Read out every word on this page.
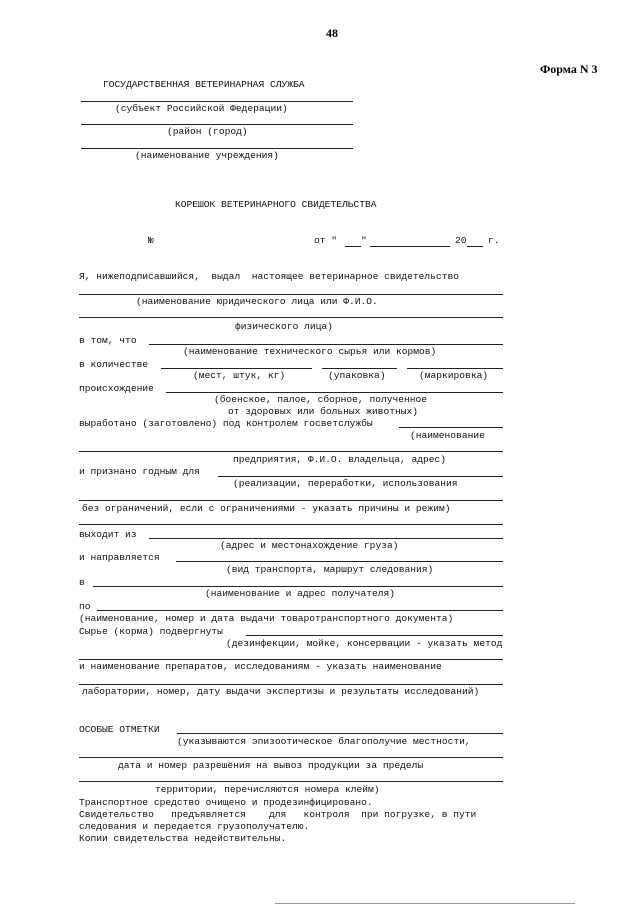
48
Форма N 3
ГОСУДАРСТВЕННАЯ ВЕТЕРИНАРНАЯ СЛУЖБА
(субъект Российской Федерации)
(район (город)
(наименование учреждения)
КОРЕШОК ВЕТЕРИНАРНОГО СВИДЕТЕЛЬСТВА
№	от " "	20 г.
Я, нижеподписавшийся,  выдал  настоящее ветеринарное свидетельство
(наименование юридического лица или Ф.И.О.
физического лица)
в том, что
(наименование технического сырья или кормов)
в количестве
(мест, штук, кг)	(упаковка)	(маркировка)
происхождение
(боенское, палое, сборное, полученное
от здоровых или больных животных)
выработано (заготовлено) под контролем госветслужбы
(наименование
предприятия, Ф.И.О. владельца, адрес)
и признано годным для
(реализации, переработки, использования
без ограничений, если с ограничениями - указать причины и режим)
выходит из
(адрес и местонахождение груза)
и направляется
(вид транспорта, маршрут следования)
в
(наименование и адрес получателя)
по
(наименование, номер и дата выдачи товаротранспортного документа)
Сырье (корма) подвергнуты
(дезинфекции, мойке, консервации - указать метод
и наименование препаратов, исследованиям - указать наименование
лаборатории, номер, дату выдачи экспертизы и результаты исследований)
ОСОБЫЕ ОТМЕТКИ
(указываются эпизоотическое благополучие местности,
дата и номер разрешения на вывоз продукции за пределы
территории, перечисляются номера клейм)
Транспортное средство очищено и продезинфицировано.
Свидетельство   предъявляется    для   контроля  при погрузке, в пути
следования и передается грузополучателю.
Копии свидетельства недействительны.
